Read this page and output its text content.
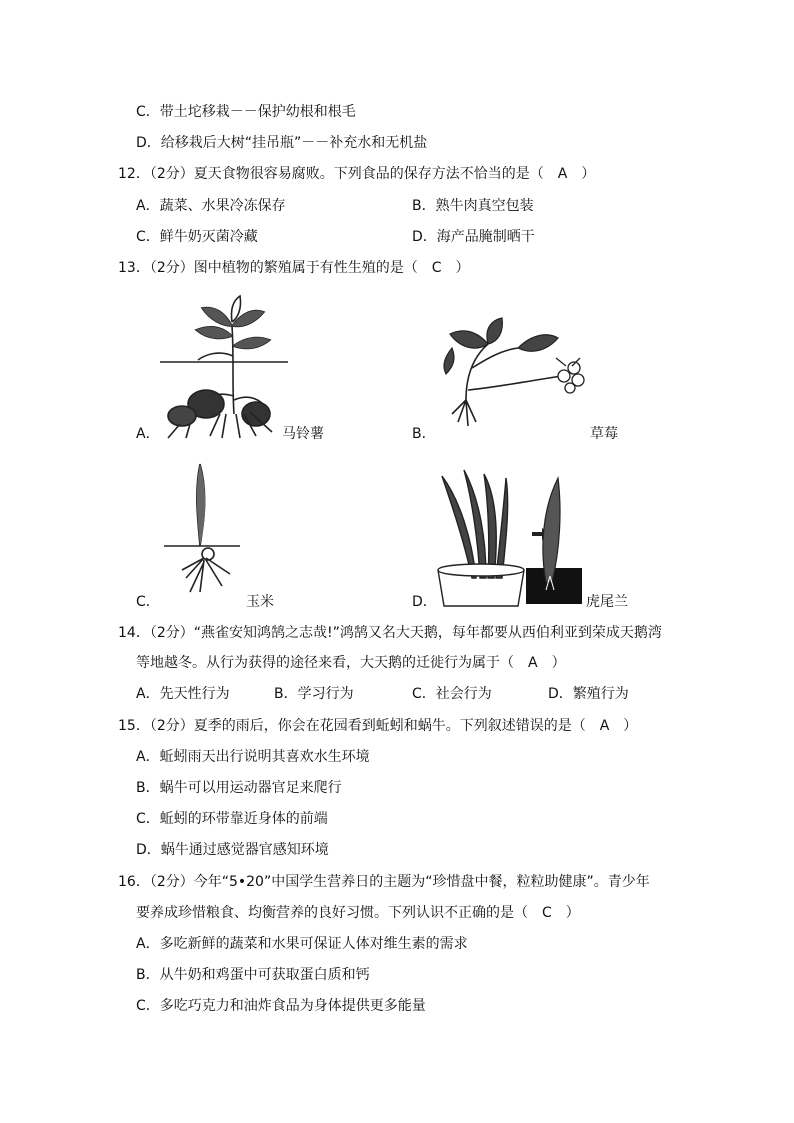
C．带土坨移栽－－保护幼根和根毛
D．给移栽后大树“挂吊瓶”－－补充水和无机盐
12．（2分）夏天食物很容易腐败。下列食品的保存方法不恰当的是（　A　）
A．蔬菜、水果冷冻保存	B．熟牛肉真空包装
C．鲜牛奶灭菌冷藏	D．海产品腌制晒干
13．（2分）图中植物的繁殖属于有性生殖的是（　C　）
A．	马铃薯	B．	草莓
C．	玉米	D．	虎尾兰
14．（2分）“燕雀安知鸿鹄之志哉!”鸿鹄又名大天鹅，每年都要从西伯利亚到荣成天鹅湾
等地越冬。从行为获得的途径来看，大天鹅的迁徙行为属于（　A　）
A．先天性行为	B．学习行为	C．社会行为	D．繁殖行为
15．（2分）夏季的雨后，你会在花园看到蚯蚓和蜗牛。下列叙述错误的是（　A　）
A．蚯蚓雨天出行说明其喜欢水生环境
B．蜗牛可以用运动器官足来爬行
C．蚯蚓的环带靠近身体的前端
D．蜗牛通过感觉器官感知环境
16．（2分）今年“5•20”中国学生营养日的主题为“珍惜盘中餐，粒粒助健康”。青少年
要养成珍惜粮食、均衡营养的良好习惯。下列认识不正确的是（　C　）
A．多吃新鲜的蔬菜和水果可保证人体对维生素的需求
B．从牛奶和鸡蛋中可获取蛋白质和钙
C．多吃巧克力和油炸食品为身体提供更多能量
